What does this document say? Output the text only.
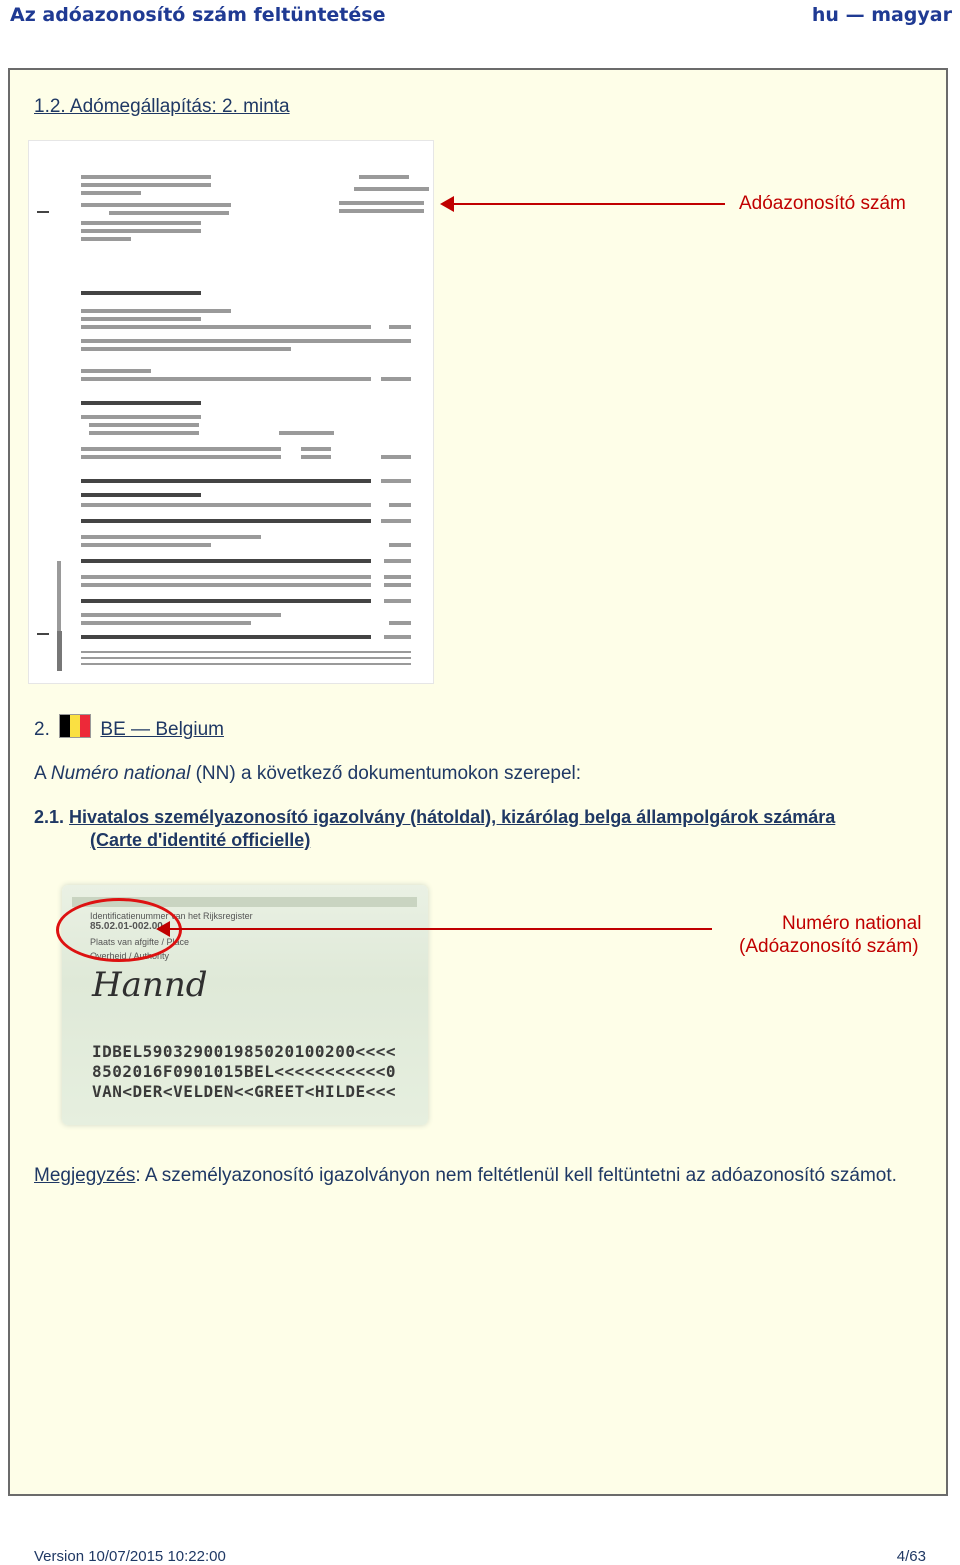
Az adóazonosító szám feltüntetése	hu — magyar
1.2. Adómegállapítás: 2. minta
Adóazonosító szám
2.	BE — Belgium
A Numéro national (NN) a következő dokumentumokon szerepel:
2.1. Hivatalos személyazonosító igazolvány (hátoldal), kizárólag belga állampolgárok számára
(Carte d'identité officielle)
Identificatienummer van het Rijksregister
85.02.01-002.00
Plaats van afgifte / Place
Overheid / Authority
Hannd
IDBEL590329001985020100200<<<<
8502016F0901015BEL<<<<<<<<<<<0
VAN<DER<VELDEN<<GREET<HILDE<<<
Numéro national
(Adóazonosító szám)
Megjegyzés: A személyazonosító igazolványon nem feltétlenül kell feltüntetni az adóazonosító számot.
Version 10/07/2015 10:22:00	4/63
